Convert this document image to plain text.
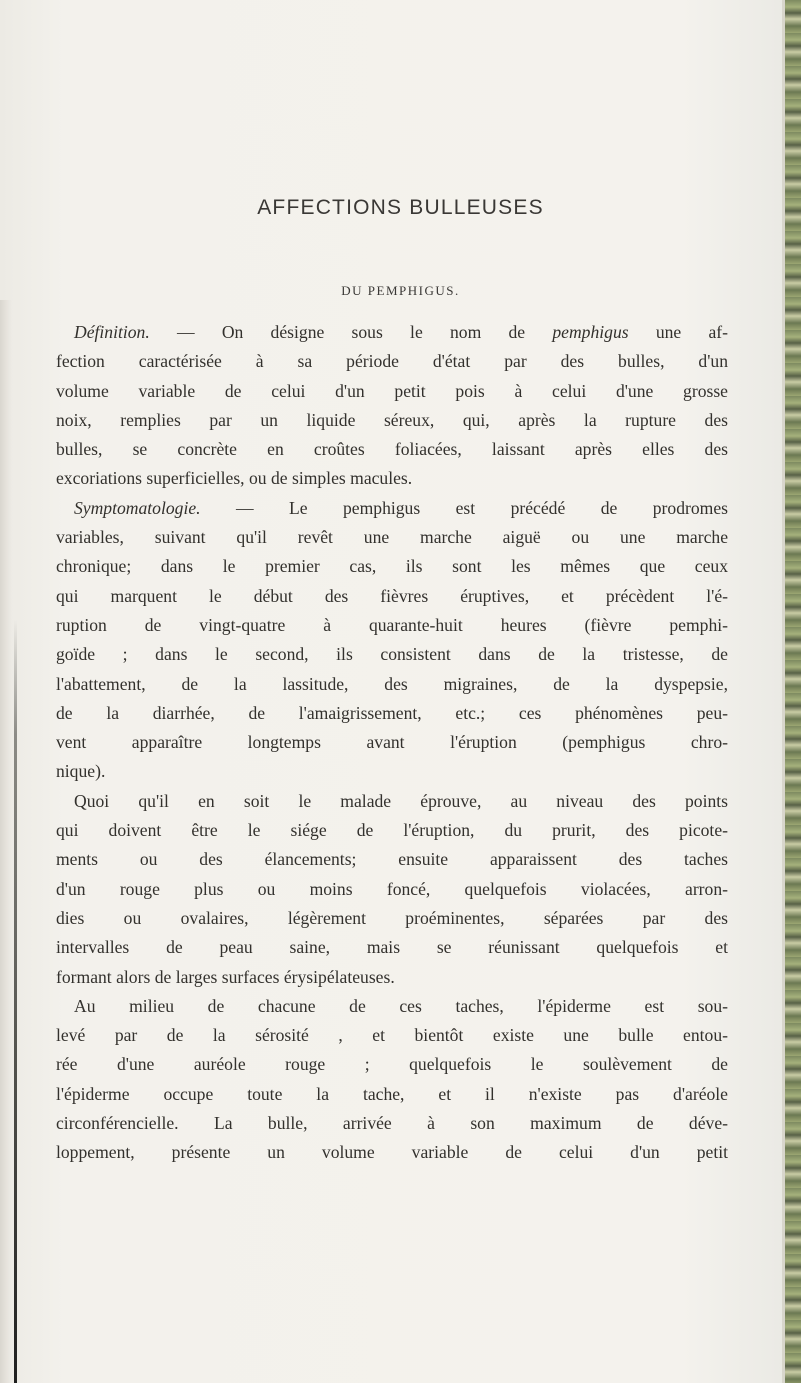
AFFECTIONS BULLEUSES
DU PEMPHIGUS.
Définition. — On désigne sous le nom de pemphigus une af-
fection caractérisée à sa période d'état par des bulles, d'un
volume variable de celui d'un petit pois à celui d'une grosse
noix, remplies par un liquide séreux, qui, après la rupture des
bulles, se concrète en croûtes foliacées, laissant après elles des
excoriations superficielles, ou de simples macules.
Symptomatologie. — Le pemphigus est précédé de prodromes
variables, suivant qu'il revêt une marche aiguë ou une marche
chronique; dans le premier cas, ils sont les mêmes que ceux
qui marquent le début des fièvres éruptives, et précèdent l'é-
ruption de vingt-quatre à quarante-huit heures (fièvre pemphi-
goïde ; dans le second, ils consistent dans de la tristesse, de
l'abattement, de la lassitude, des migraines, de la dyspepsie,
de la diarrhée, de l'amaigrissement, etc.; ces phénomènes peu-
vent apparaître longtemps avant l'éruption (pemphigus chro-
nique).
Quoi qu'il en soit le malade éprouve, au niveau des points
qui doivent être le siége de l'éruption, du prurit, des picote-
ments ou des élancements; ensuite apparaissent des taches
d'un rouge plus ou moins foncé, quelquefois violacées, arron-
dies ou ovalaires, légèrement proéminentes, séparées par des
intervalles de peau saine, mais se réunissant quelquefois et
formant alors de larges surfaces érysipélateuses.
Au milieu de chacune de ces taches, l'épiderme est sou-
levé par de la sérosité , et bientôt existe une bulle entou-
rée d'une auréole rouge ; quelquefois le soulèvement de
l'épiderme occupe toute la tache, et il n'existe pas d'aréole
circonférencielle. La bulle, arrivée à son maximum de déve-
loppement, présente un volume variable de celui d'un petit
